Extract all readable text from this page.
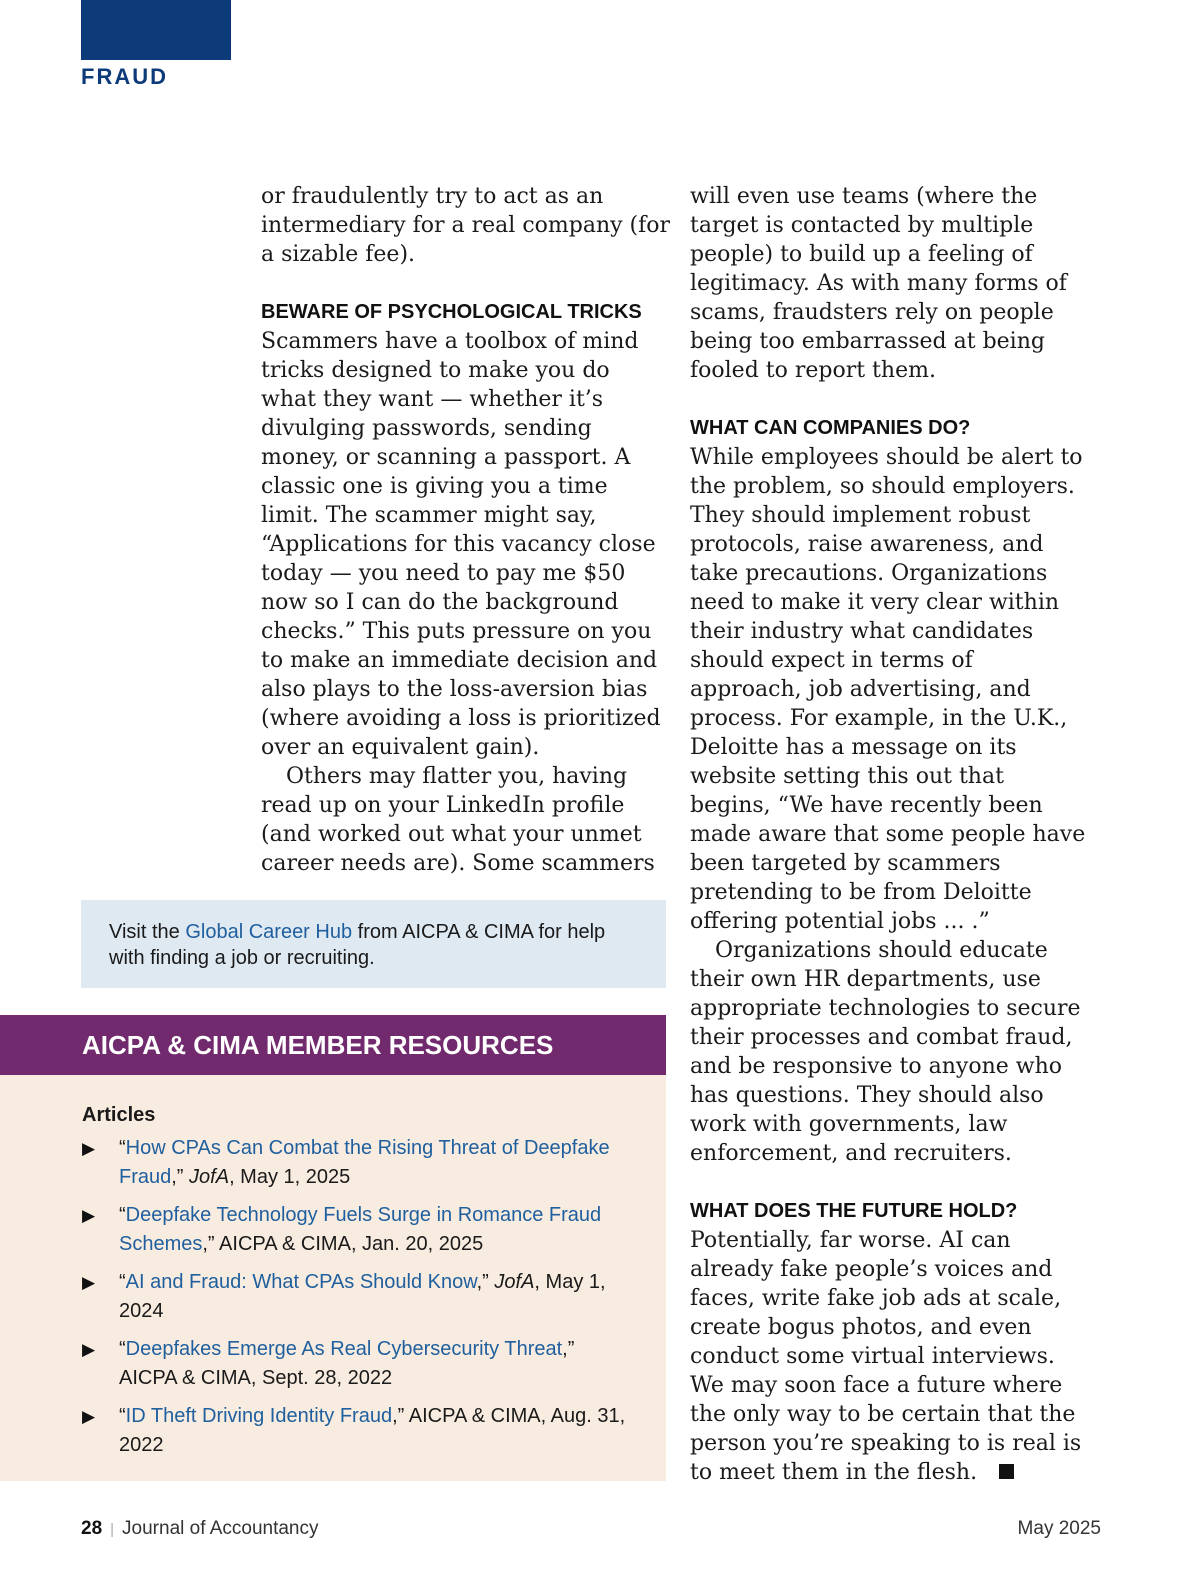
FRAUD

or fraudulently try to act as an intermediary for a real company (for a sizable fee).

BEWARE OF PSYCHOLOGICAL TRICKS

Scammers have a toolbox of mind tricks designed to make you do what they want — whether it’s divulging passwords, sending money, or scanning a passport. A classic one is giving you a time limit. The scammer might say, “Applications for this vacancy close today — you need to pay me $50 now so I can do the background checks.” This puts pressure on you to make an immediate decision and also plays to the loss-aversion bias (where avoiding a loss is prioritized over an equivalent gain).

Others may flatter you, having read up on your LinkedIn profile (and worked out what your unmet career needs are). Some scammers

will even use teams (where the target is contacted by multiple people) to build up a feeling of legitimacy. As with many forms of scams, fraudsters rely on people being too embarrassed at being fooled to report them.

WHAT CAN COMPANIES DO?

While employees should be alert to the problem, so should employers. They should implement robust protocols, raise awareness, and take precautions. Organizations need to make it very clear within their industry what candidates should expect in terms of approach, job advertising, and process. For example, in the U.K., Deloitte has a message on its website setting this out that begins, “We have recently been made aware that some people have been targeted by scammers pretending to be from Deloitte offering potential jobs ... .”

Organizations should educate their own HR departments, use appropriate technologies to secure their processes and combat fraud, and be responsive to anyone who has questions. They should also work with governments, law enforcement, and recruiters.

WHAT DOES THE FUTURE HOLD?

Potentially, far worse. AI can already fake people’s voices and faces, write fake job ads at scale, create bogus photos, and even conduct some virtual interviews. We may soon face a future where the only way to be certain that the person you’re speaking to is real is to meet them in the flesh.

Visit the Global Career Hub from AICPA & CIMA for help with finding a job or recruiting.
AICPA & CIMA MEMBER RESOURCES
Articles
▶ “How CPAs Can Combat the Rising Threat of Deepfake Fraud,” JofA, May 1, 2025
▶ “Deepfake Technology Fuels Surge in Romance Fraud Schemes,” AICPA & CIMA, Jan. 20, 2025
▶ “AI and Fraud: What CPAs Should Know,” JofA, May 1, 2024
▶ “Deepfakes Emerge As Real Cybersecurity Threat,” AICPA & CIMA, Sept. 28, 2022
▶ “ID Theft Driving Identity Fraud,” AICPA & CIMA, Aug. 31, 2022
28 | Journal of Accountancy	May 2025
